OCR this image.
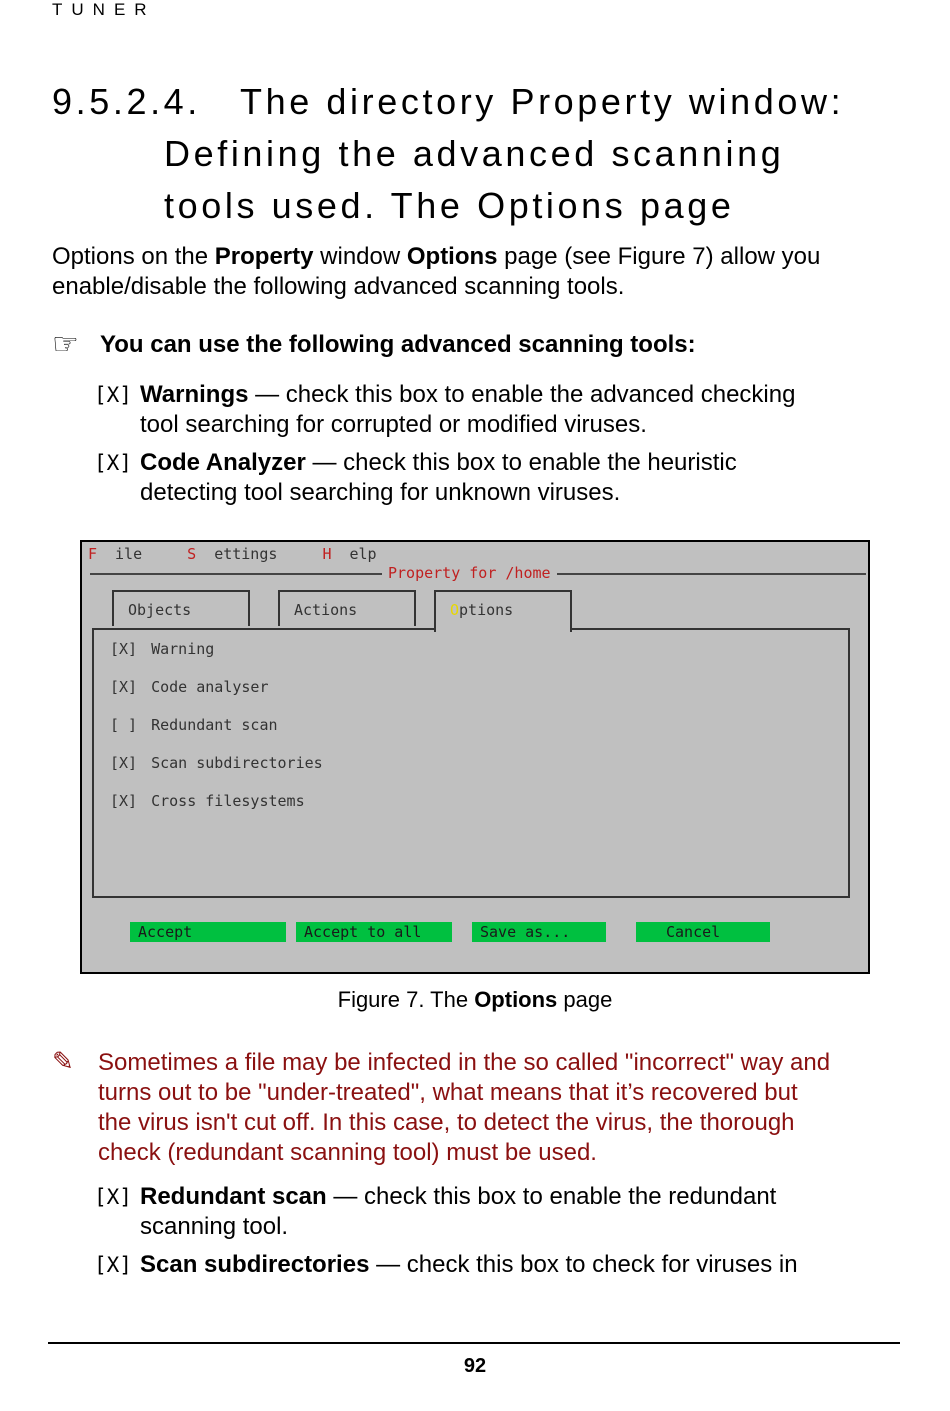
TUNER
9.5.2.4. The directory Property window:
Defining the advanced scanning
tools used. The Options page
Options on the Property window Options page (see Figure 7) allow you enable/disable the following advanced scanning tools.
☞ You can use the following advanced scanning tools:
[X] Warnings — check this box to enable the advanced checking
tool searching for corrupted or modified viruses.
[X] Code Analyzer — check this box to enable the heuristic
detecting tool searching for unknown viruses.
F ile	S ettings	H elp
Property for /home
Objects	Actions	Options
[X] Warning
[X] Code analyser
[ ] Redundant scan
[X] Scan subdirectories
[X] Cross filesystems
Accept	Accept to all	Save as...	Cancel
Figure 7. The Options page
✎ Sometimes a file may be infected in the so called "incorrect" way and
turns out to be "under-treated", what means that it’s recovered but
the virus isn't cut off. In this case, to detect the virus, the thorough
check (redundant scanning tool) must be used.
[X] Redundant scan — check this box to enable the redundant
scanning tool.
[X] Scan subdirectories — check this box to check for viruses in
92
